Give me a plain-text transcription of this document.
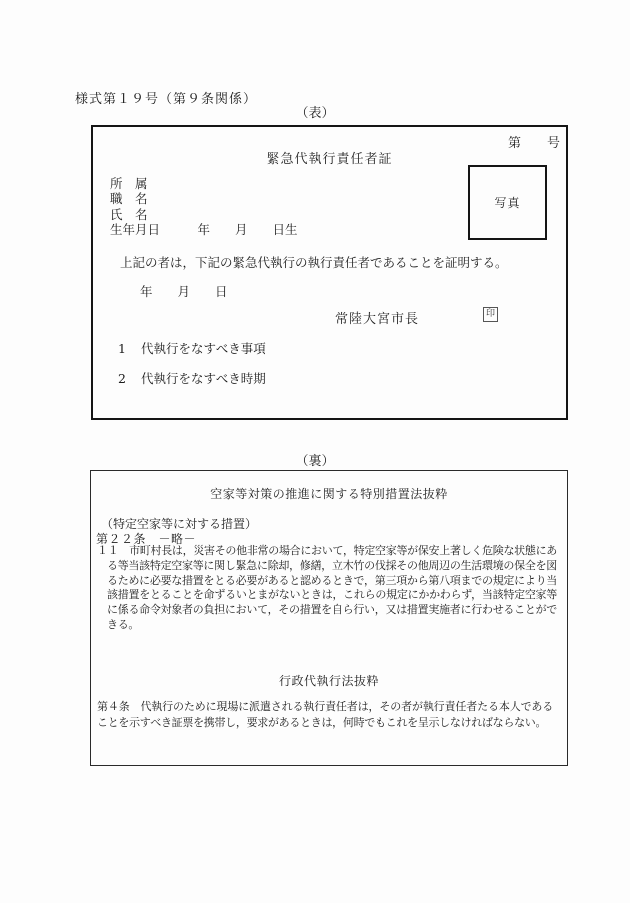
様式第１９号（第９条関係）
（表）
第　　号
緊急代執行責任者証
所　属
職　名
氏　名
生年月日　　　年　　月　　日生
写真
上記の者は，下記の緊急代執行の執行責任者であることを証明する。
年　　月　　日
常陸大宮市長	印
1 代執行をなすべき事項
2 代執行をなすべき時期
（裏）
空家等対策の推進に関する特別措置法抜粋
（特定空家等に対する措置）
第２２条　－略－
１１　市町村長は，災害その他非常の場合において，特定空家等が保安上著しく危険な状態にある等当該特定空家等に関し緊急に除却，修繕，立木竹の伐採その他周辺の生活環境の保全を図るために必要な措置をとる必要があると認めるときで，第三項から第八項までの規定により当該措置をとることを命ずるいとまがないときは，これらの規定にかかわらず，当該特定空家等に係る命令対象者の負担において，その措置を自ら行い，又は措置実施者に行わせることができる。
行政代執行法抜粋
第４条　代執行のために現場に派遣される執行責任者は，その者が執行責任者たる本人であることを示すべき証票を携帯し，要求があるときは，何時でもこれを呈示しなければならない。
